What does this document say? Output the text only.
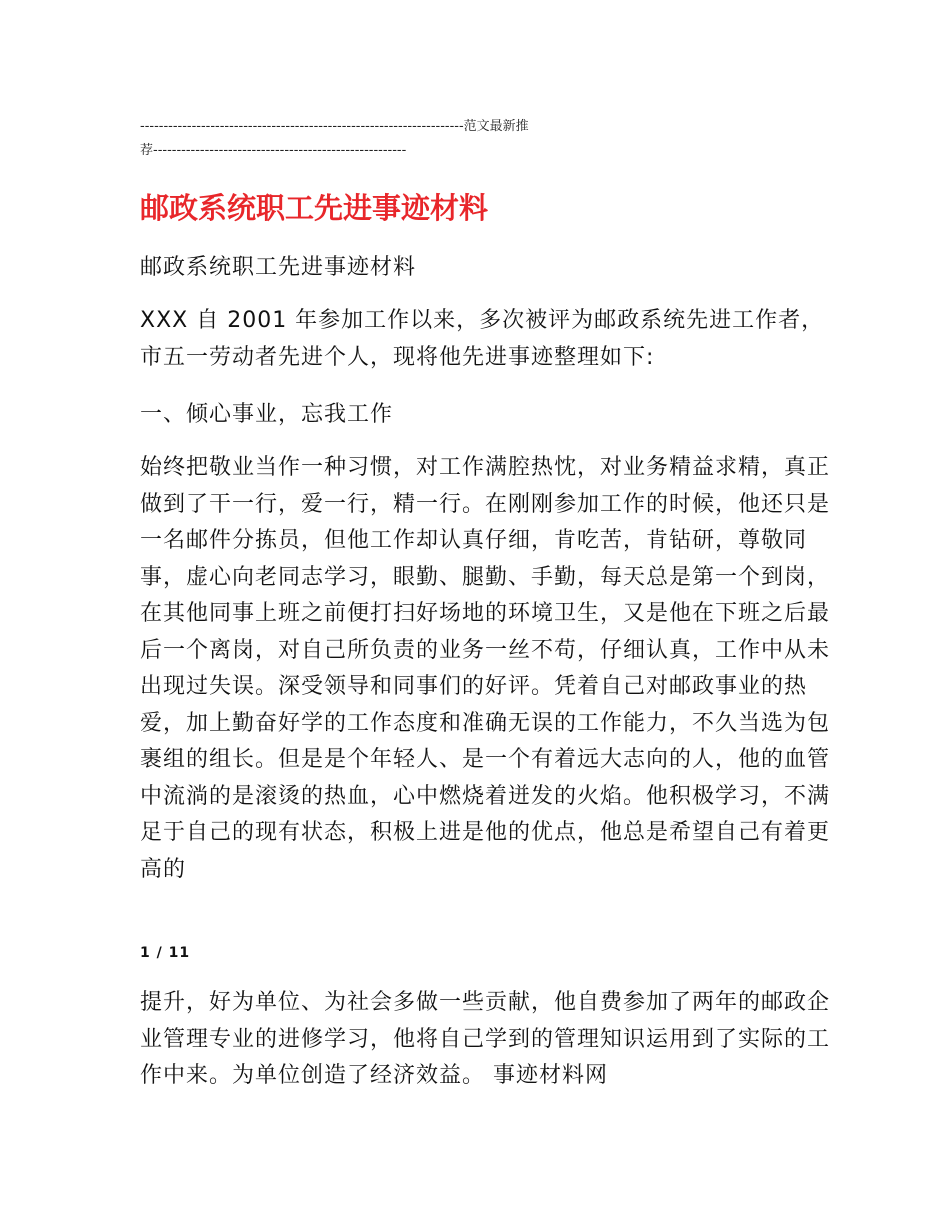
---------------------------------------------------------------------范文最新推
荐------------------------------------------------------
邮政系统职工先进事迹材料

邮政系统职工先进事迹材料

XXX 自 2001 年参加工作以来，多次被评为邮政系统先进工作者，市五一劳动者先进个人，现将他先进事迹整理如下:

一、倾心事业，忘我工作

始终把敬业当作一种习惯，对工作满腔热忱，对业务精益求精，真正做到了干一行，爱一行，精一行。在刚刚参加工作的时候，他还只是一名邮件分拣员，但他工作却认真仔细，肯吃苦，肯钻研，尊敬同事，虚心向老同志学习，眼勤、腿勤、手勤，每天总是第一个到岗，在其他同事上班之前便打扫好场地的环境卫生，又是他在下班之后最后一个离岗，对自己所负责的业务一丝不苟，仔细认真，工作中从未出现过失误。深受领导和同事们的好评。凭着自己对邮政事业的热爱，加上勤奋好学的工作态度和准确无误的工作能力，不久当选为包裹组的组长。但是是个年轻人、是一个有着远大志向的人，他的血管中流淌的是滚烫的热血，心中燃烧着迸发的火焰。他积极学习，不满足于自己的现有状态，积极上进是他的优点，他总是希望自己有着更高的

1 / 11

提升，好为单位、为社会多做一些贡献，他自费参加了两年的邮政企业管理专业的进修学习，他将自己学到的管理知识运用到了实际的工作中来。为单位创造了经济效益。 事迹材料网
